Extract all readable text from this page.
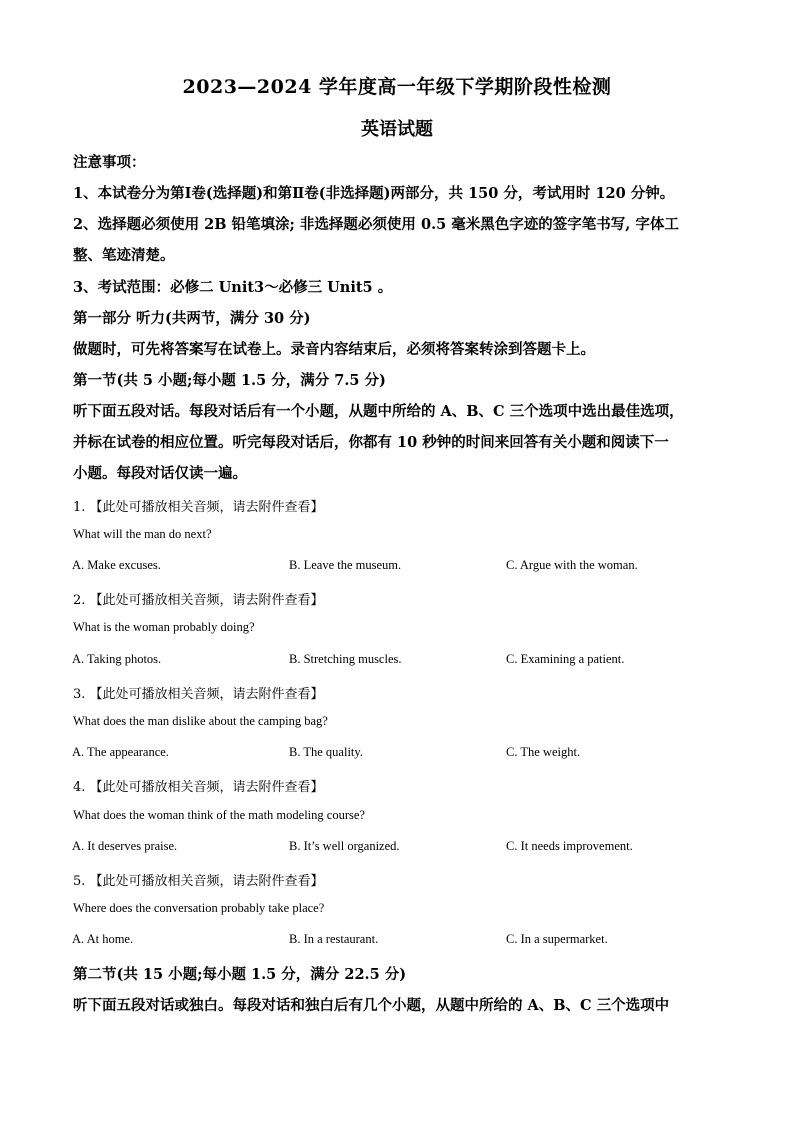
2023—2024 学年度高一年级下学期阶段性检测
英语试题
注意事项：
1、本试卷分为第Ⅰ卷(选择题)和第Ⅱ卷(非选择题)两部分，共 150 分，考试用时 120 分钟。
2、选择题必须使用 2B 铅笔填涂; 非选择题必须使用 0.5 毫米黑色字迹的签字笔书写, 字体工
整、笔迹清楚。
3、考试范围：必修二 Unit3～必修三 Unit5 。
第一部分 听力(共两节，满分 30 分)
做题时，可先将答案写在试卷上。录音内容结束后，必须将答案转涂到答题卡上。
第一节(共 5 小题;每小题 1.5 分，满分 7.5 分)
听下面五段对话。每段对话后有一个小题，从题中所给的 A、B、C 三个选项中选出最佳选项，
并标在试卷的相应位置。听完每段对话后，你都有 10 秒钟的时间来回答有关小题和阅读下一
小题。每段对话仅读一遍。
1. 【此处可播放相关音频，请去附件查看】
What will the man do next?
A. Make excuses.	B. Leave the museum.	C. Argue with the woman.
2. 【此处可播放相关音频，请去附件查看】
What is the woman probably doing?
A. Taking photos.	B. Stretching muscles.	C. Examining a patient.
3. 【此处可播放相关音频，请去附件查看】
What does the man dislike about the camping bag?
A. The appearance.	B. The quality.	C. The weight.
4. 【此处可播放相关音频，请去附件查看】
What does the woman think of the math modeling course?
A. It deserves praise.	B. It’s well organized.	C. It needs improvement.
5. 【此处可播放相关音频，请去附件查看】
Where does the conversation probably take place?
A. At home.	B. In a restaurant.	C. In a supermarket.
第二节(共 15 小题;每小题 1.5 分，满分 22.5 分)
听下面五段对话或独白。每段对话和独白后有几个小题，从题中所给的 A、B、C 三个选项中
